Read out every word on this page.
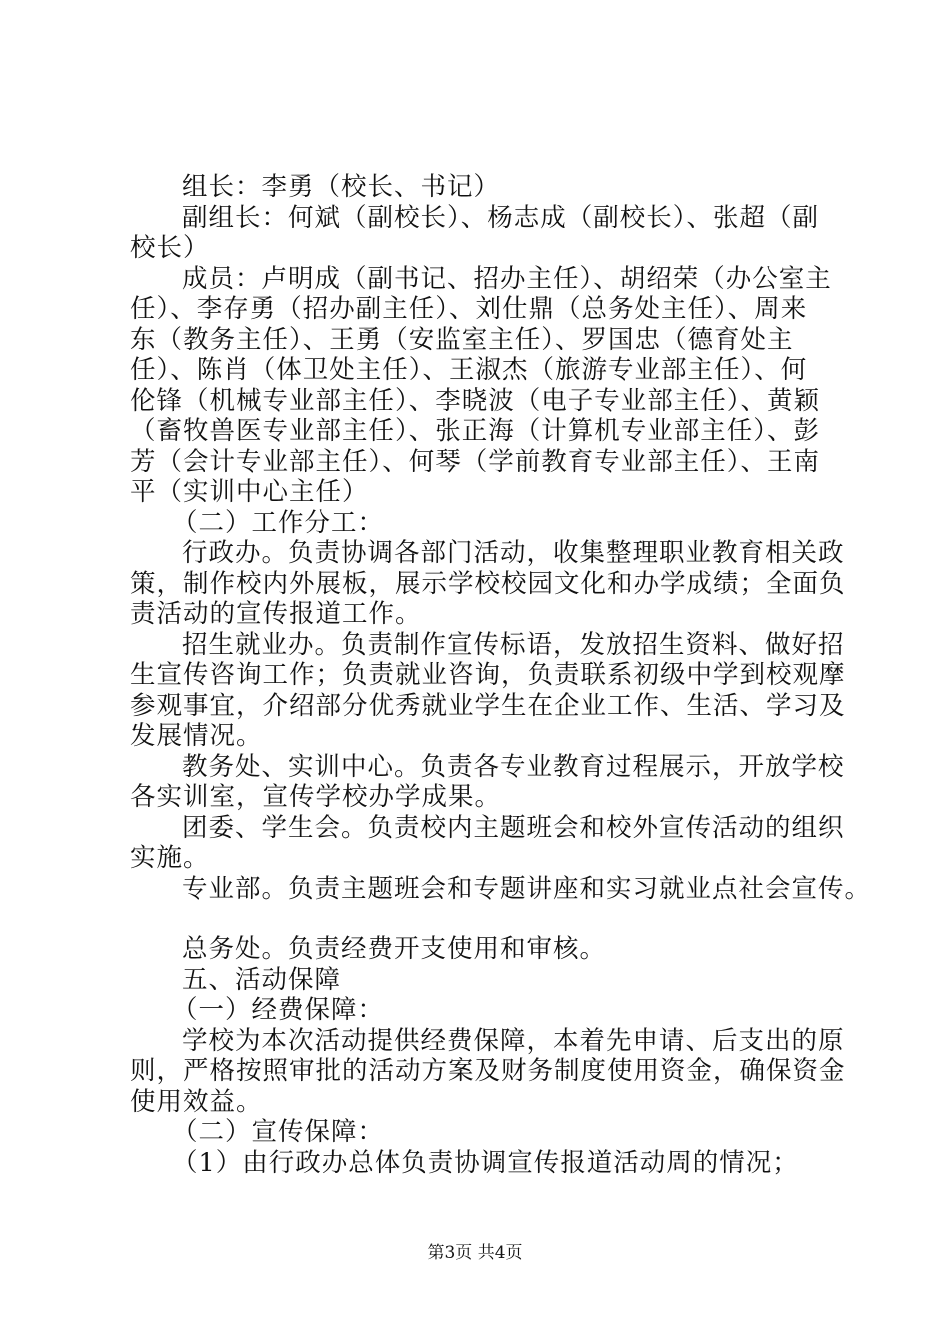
组长：李勇（校长、书记）

副组长：何斌（副校长）、杨志成（副校长）、张超（副

校长）

成员：卢明成（副书记、招办主任）、胡绍荣（办公室主

任）、李存勇（招办副主任）、刘仕鼎（总务处主任）、周来

东（教务主任）、王勇（安监室主任）、罗国忠（德育处主

任）、陈肖（体卫处主任）、王淑杰（旅游专业部主任）、何

伦锋（机械专业部主任）、李晓波（电子专业部主任）、黄颖

（畜牧兽医专业部主任）、张正海（计算机专业部主任）、彭

芳（会计专业部主任）、何琴（学前教育专业部主任）、王南

平（实训中心主任）

（二）工作分工：

行政办。负责协调各部门活动，收集整理职业教育相关政

策，制作校内外展板，展示学校校园文化和办学成绩；全面负

责活动的宣传报道工作。

招生就业办。负责制作宣传标语，发放招生资料、做好招

生宣传咨询工作；负责就业咨询，负责联系初级中学到校观摩

参观事宜，介绍部分优秀就业学生在企业工作、生活、学习及

发展情况。

教务处、实训中心。负责各专业教育过程展示，开放学校

各实训室，宣传学校办学成果。

团委、学生会。负责校内主题班会和校外宣传活动的组织

实施。

专业部。负责主题班会和专题讲座和实习就业点社会宣传。

总务处。负责经费开支使用和审核。

五、活动保障

（一）经费保障：

学校为本次活动提供经费保障，本着先申请、后支出的原

则，严格按照审批的活动方案及财务制度使用资金，确保资金

使用效益。

（二）宣传保障：

（1）由行政办总体负责协调宣传报道活动周的情况；

第3页 共4页
